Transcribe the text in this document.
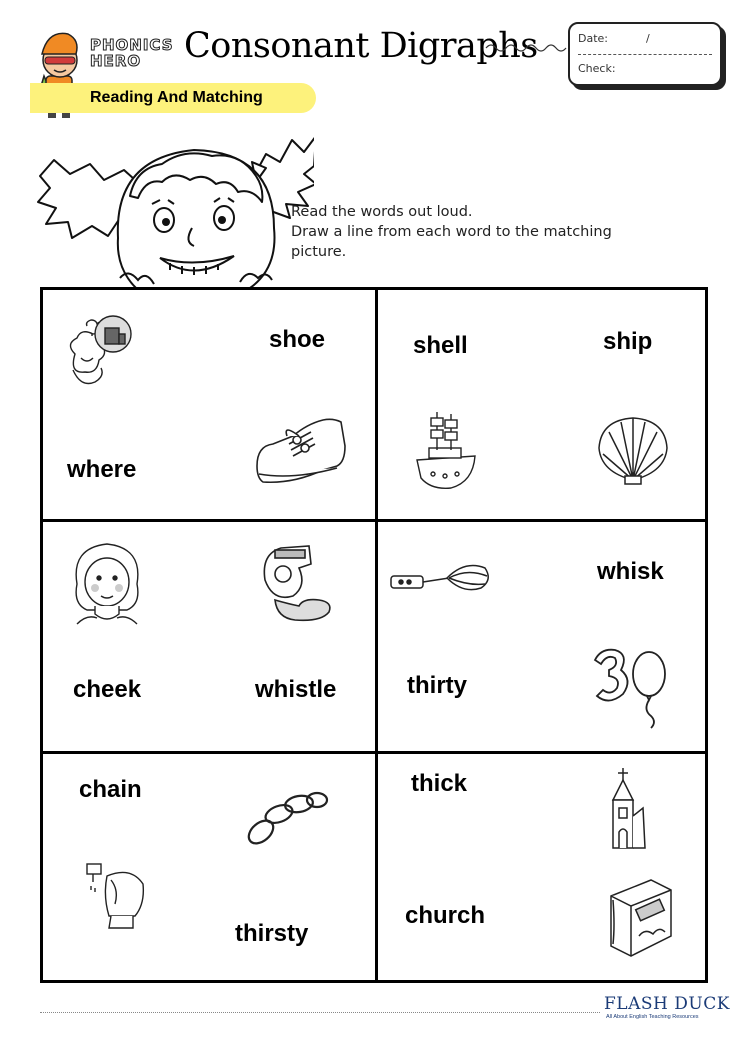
PHONICS
HERO Consonant Digraphs	Date:	/
Check:
Reading And Matching
Read the words out loud.
Draw a line from each word to the matching
picture.
shoe
where
shell	ship
cheek	whistle
whisk
thirty
chain
thirsty
thick
church
FLASH DUCK
All About English Teaching Resources
